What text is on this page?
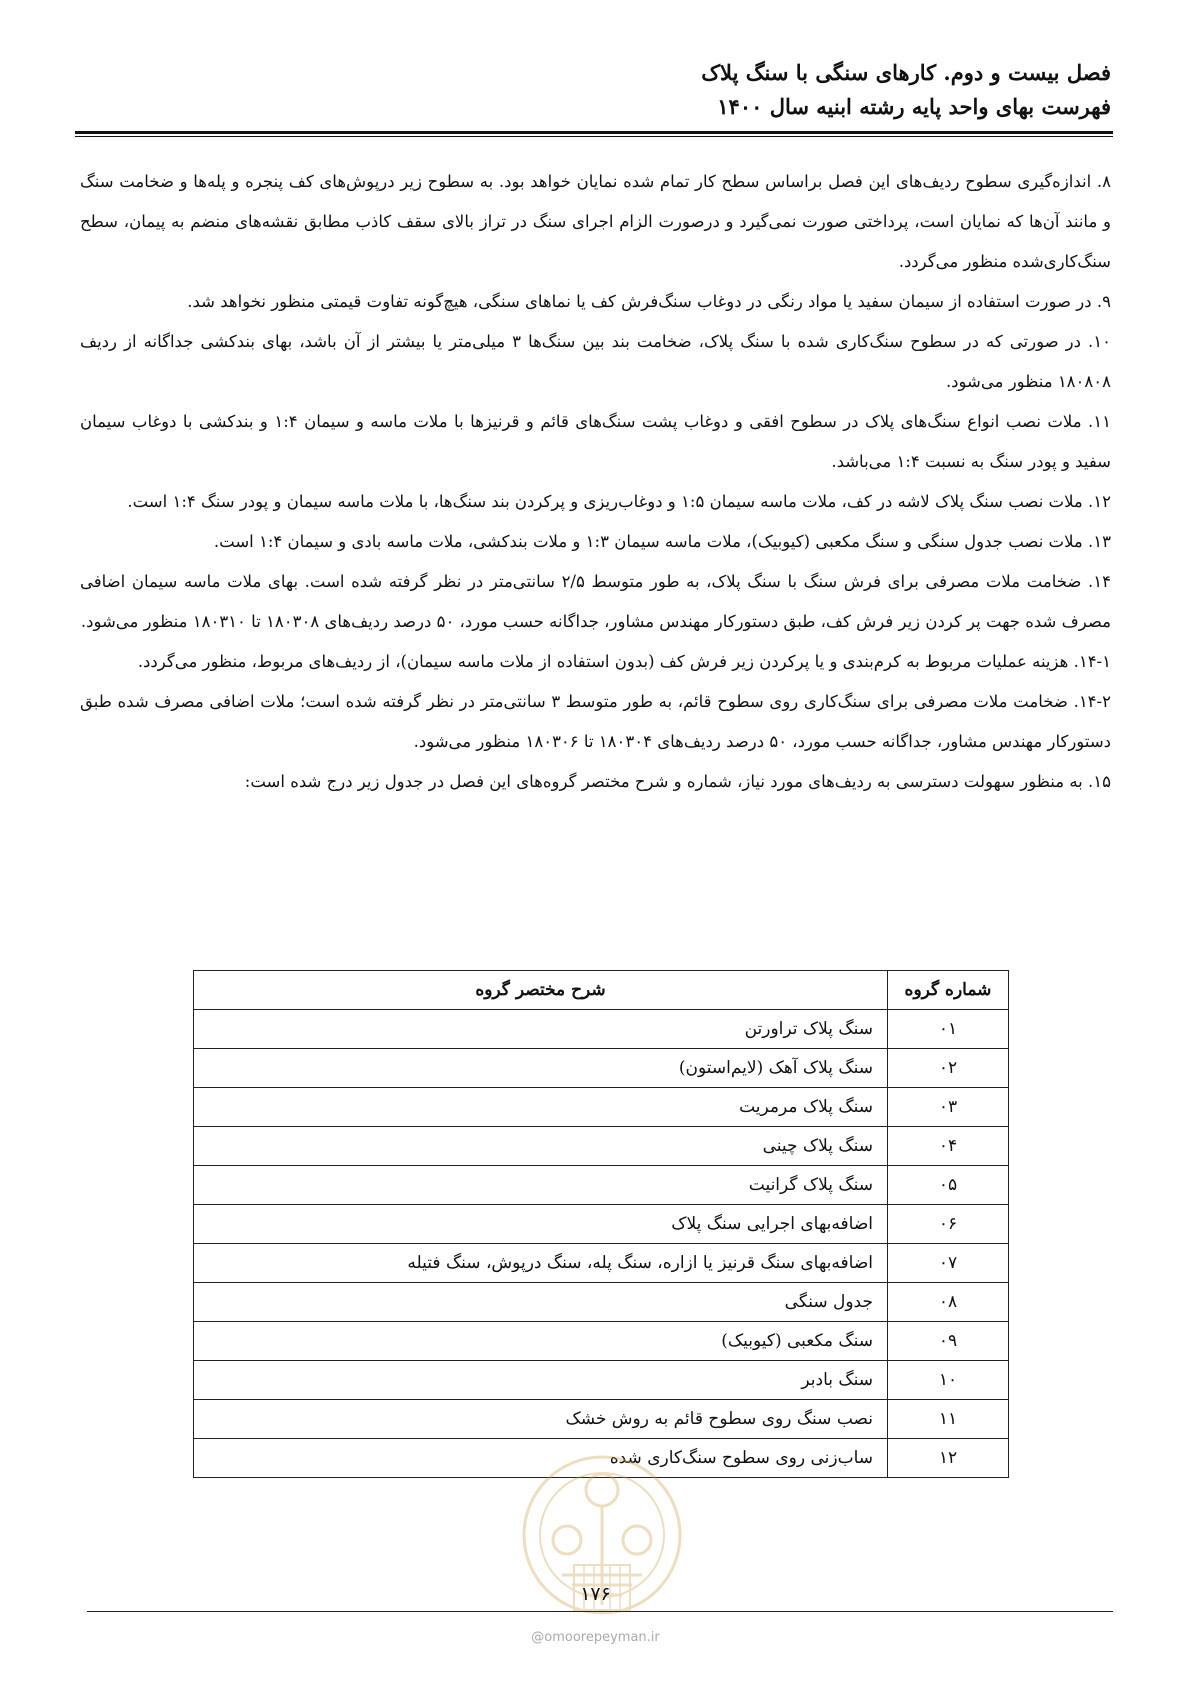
فصل بیست و دوم. کارهای سنگی با سنگ پلاک
فهرست بهای واحد پایه رشته ابنیه سال ۱۴۰۰

۸. اندازه‌گیری سطوح ردیف‌های این فصل براساس سطح کار تمام شده نمایان خواهد بود. به سطوح زیر درپوش‌های کف پنجره و پله‌ها و ضخامت سنگ و مانند آن‌ها که نمایان است، پرداختی صورت نمی‌گیرد و درصورت الزام اجرای سنگ در تراز بالای سقف کاذب مطابق نقشه‌های منضم به پیمان، سطح سنگ‌کاری‌شده منظور می‌گردد.

۹. در صورت استفاده از سیمان سفید یا مواد رنگی در دوغاب سنگ‌فرش کف یا نماهای سنگی، هیچ‌گونه تفاوت قیمتی منظور نخواهد شد.

۱۰. در صورتی که در سطوح سنگ‌کاری شده با سنگ پلاک، ضخامت بند بین سنگ‌ها ۳ میلی‌متر یا بیشتر از آن باشد، بهای بندکشی جداگانه از ردیف ۱۸۰۸۰۸ منظور می‌شود.

۱۱. ملات نصب انواع سنگ‌های پلاک در سطوح افقی و دوغاب پشت سنگ‌های قائم و قرنیزها با ملات ماسه و سیمان ۱:۴ و بندکشی با دوغاب سیمان سفید و پودر سنگ به نسبت ۱:۴ می‌باشد.

۱۲. ملات نصب سنگ پلاک لاشه در کف، ملات ماسه سیمان ۱:۵ و دوغاب‌ریزی و پرکردن بند سنگ‌ها، با ملات ماسه سیمان و پودر سنگ ۱:۴ است.

۱۳. ملات نصب جدول سنگی و سنگ مکعبی (کیوبیک)، ملات ماسه سیمان ۱:۳ و ملات بندکشی، ملات ماسه بادی و سیمان ۱:۴ است.

۱۴. ضخامت ملات مصرفی برای فرش سنگ با سنگ پلاک، به طور متوسط ۲/۵ سانتی‌متر در نظر گرفته شده است. بهای ملات ماسه سیمان اضافی مصرف شده جهت پر کردن زیر فرش کف، طبق دستورکار مهندس مشاور، جداگانه حسب مورد، ۵۰ درصد ردیف‌های ۱۸۰۳۰۸ تا ۱۸۰۳۱۰ منظور می‌شود.

۱۴-۱. هزینه عملیات مربوط به کرم‌بندی و یا پرکردن زیر فرش کف (بدون استفاده از ملات ماسه سیمان)، از ردیف‌های مربوط، منظور می‌گردد.

۱۴-۲. ضخامت ملات مصرفی برای سنگ‌کاری روی سطوح قائم، به طور متوسط ۳ سانتی‌متر در نظر گرفته شده است؛ ملات اضافی مصرف شده طبق دستورکار مهندس مشاور، جداگانه حسب مورد، ۵۰ درصد ردیف‌های ۱۸۰۳۰۴ تا ۱۸۰۳۰۶ منظور می‌شود.

۱۵. به منظور سهولت دسترسی به ردیف‌های مورد نیاز، شماره و شرح مختصر گروه‌های این فصل در جدول زیر درج شده است:

شماره گروه	شرح مختصر گروه
۰۱	سنگ پلاک تراورتن
۰۲	سنگ پلاک آهک (لایم‌استون)
۰۳	سنگ پلاک مرمریت
۰۴	سنگ پلاک چینی
۰۵	سنگ پلاک گرانیت
۰۶	اضافه‌بهای اجرایی سنگ پلاک
۰۷	اضافه‌بهای سنگ قرنیز یا ازاره، سنگ پله، سنگ درپوش، سنگ فتیله
۰۸	جدول سنگی
۰۹	سنگ مکعبی (کیوبیک)
۱۰	سنگ بادبر
۱۱	نصب سنگ روی سطوح قائم به روش خشک
۱۲	ساب‌زنی روی سطوح سنگ‌کاری شده
۱۷۶
@omoorepeyman.ir
